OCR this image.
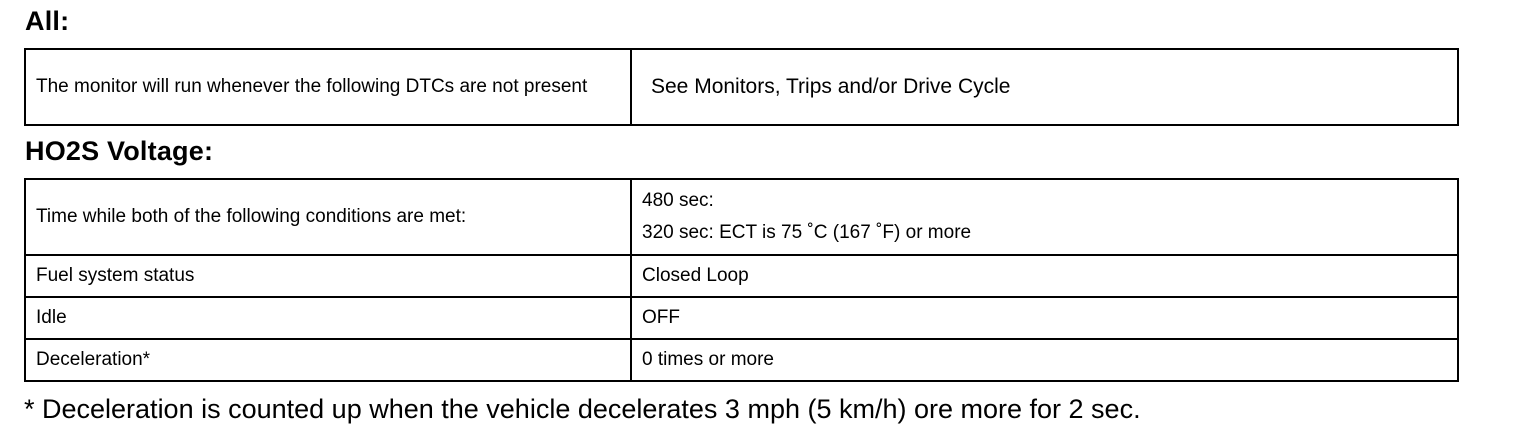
All:
The monitor will run whenever the following DTCs are not present	See Monitors, Trips and/or Drive Cycle
HO2S Voltage:
Time while both of the following conditions are met:	480 sec:
320 sec: ECT is 75 ˚C (167 ˚F) or more

Fuel system status	Closed Loop
Idle	OFF
Deceleration*	0 times or more

* Deceleration is counted up when the vehicle decelerates 3 mph (5 km/h) ore more for 2 sec.
